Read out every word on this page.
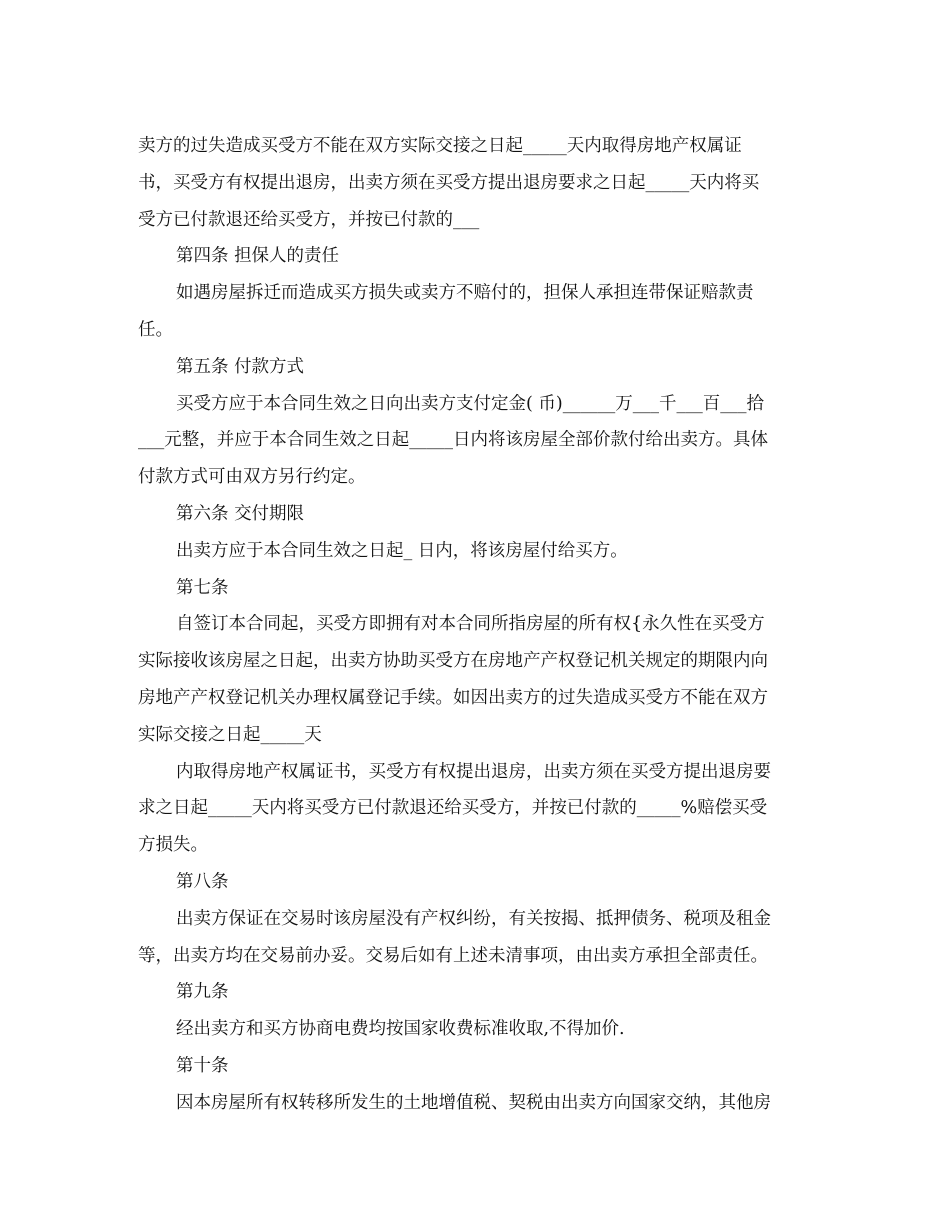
卖方的过失造成买受方不能在双方实际交接之日起_____天内取得房地产权属证
书，买受方有权提出退房，出卖方须在买受方提出退房要求之日起_____天内将买
受方已付款退还给买受方，并按已付款的___
第四条 担保人的责任
如遇房屋拆迁而造成买方损失或卖方不赔付的，担保人承担连带保证赔款责
任。
第五条 付款方式
买受方应于本合同生效之日向出卖方支付定金( 币)______万___千___百___拾
___元整，并应于本合同生效之日起_____日内将该房屋全部价款付给出卖方。具体
付款方式可由双方另行约定。
第六条 交付期限
出卖方应于本合同生效之日起_ 日内，将该房屋付给买方。
第七条
自签订本合同起，买受方即拥有对本合同所指房屋的所有权{永久性在买受方
实际接收该房屋之日起，出卖方协助买受方在房地产产权登记机关规定的期限内向
房地产产权登记机关办理权属登记手续。如因出卖方的过失造成买受方不能在双方
实际交接之日起_____天
内取得房地产权属证书，买受方有权提出退房，出卖方须在买受方提出退房要
求之日起_____天内将买受方已付款退还给买受方，并按已付款的_____%赔偿买受
方损失。
第八条
出卖方保证在交易时该房屋没有产权纠纷，有关按揭、抵押债务、税项及租金
等，出卖方均在交易前办妥。交易后如有上述未清事项，由出卖方承担全部责任。
第九条
经出卖方和买方协商电费均按国家收费标准收取,不得加价.
第十条
因本房屋所有权转移所发生的土地增值税、契税由出卖方向国家交纳，其他房
